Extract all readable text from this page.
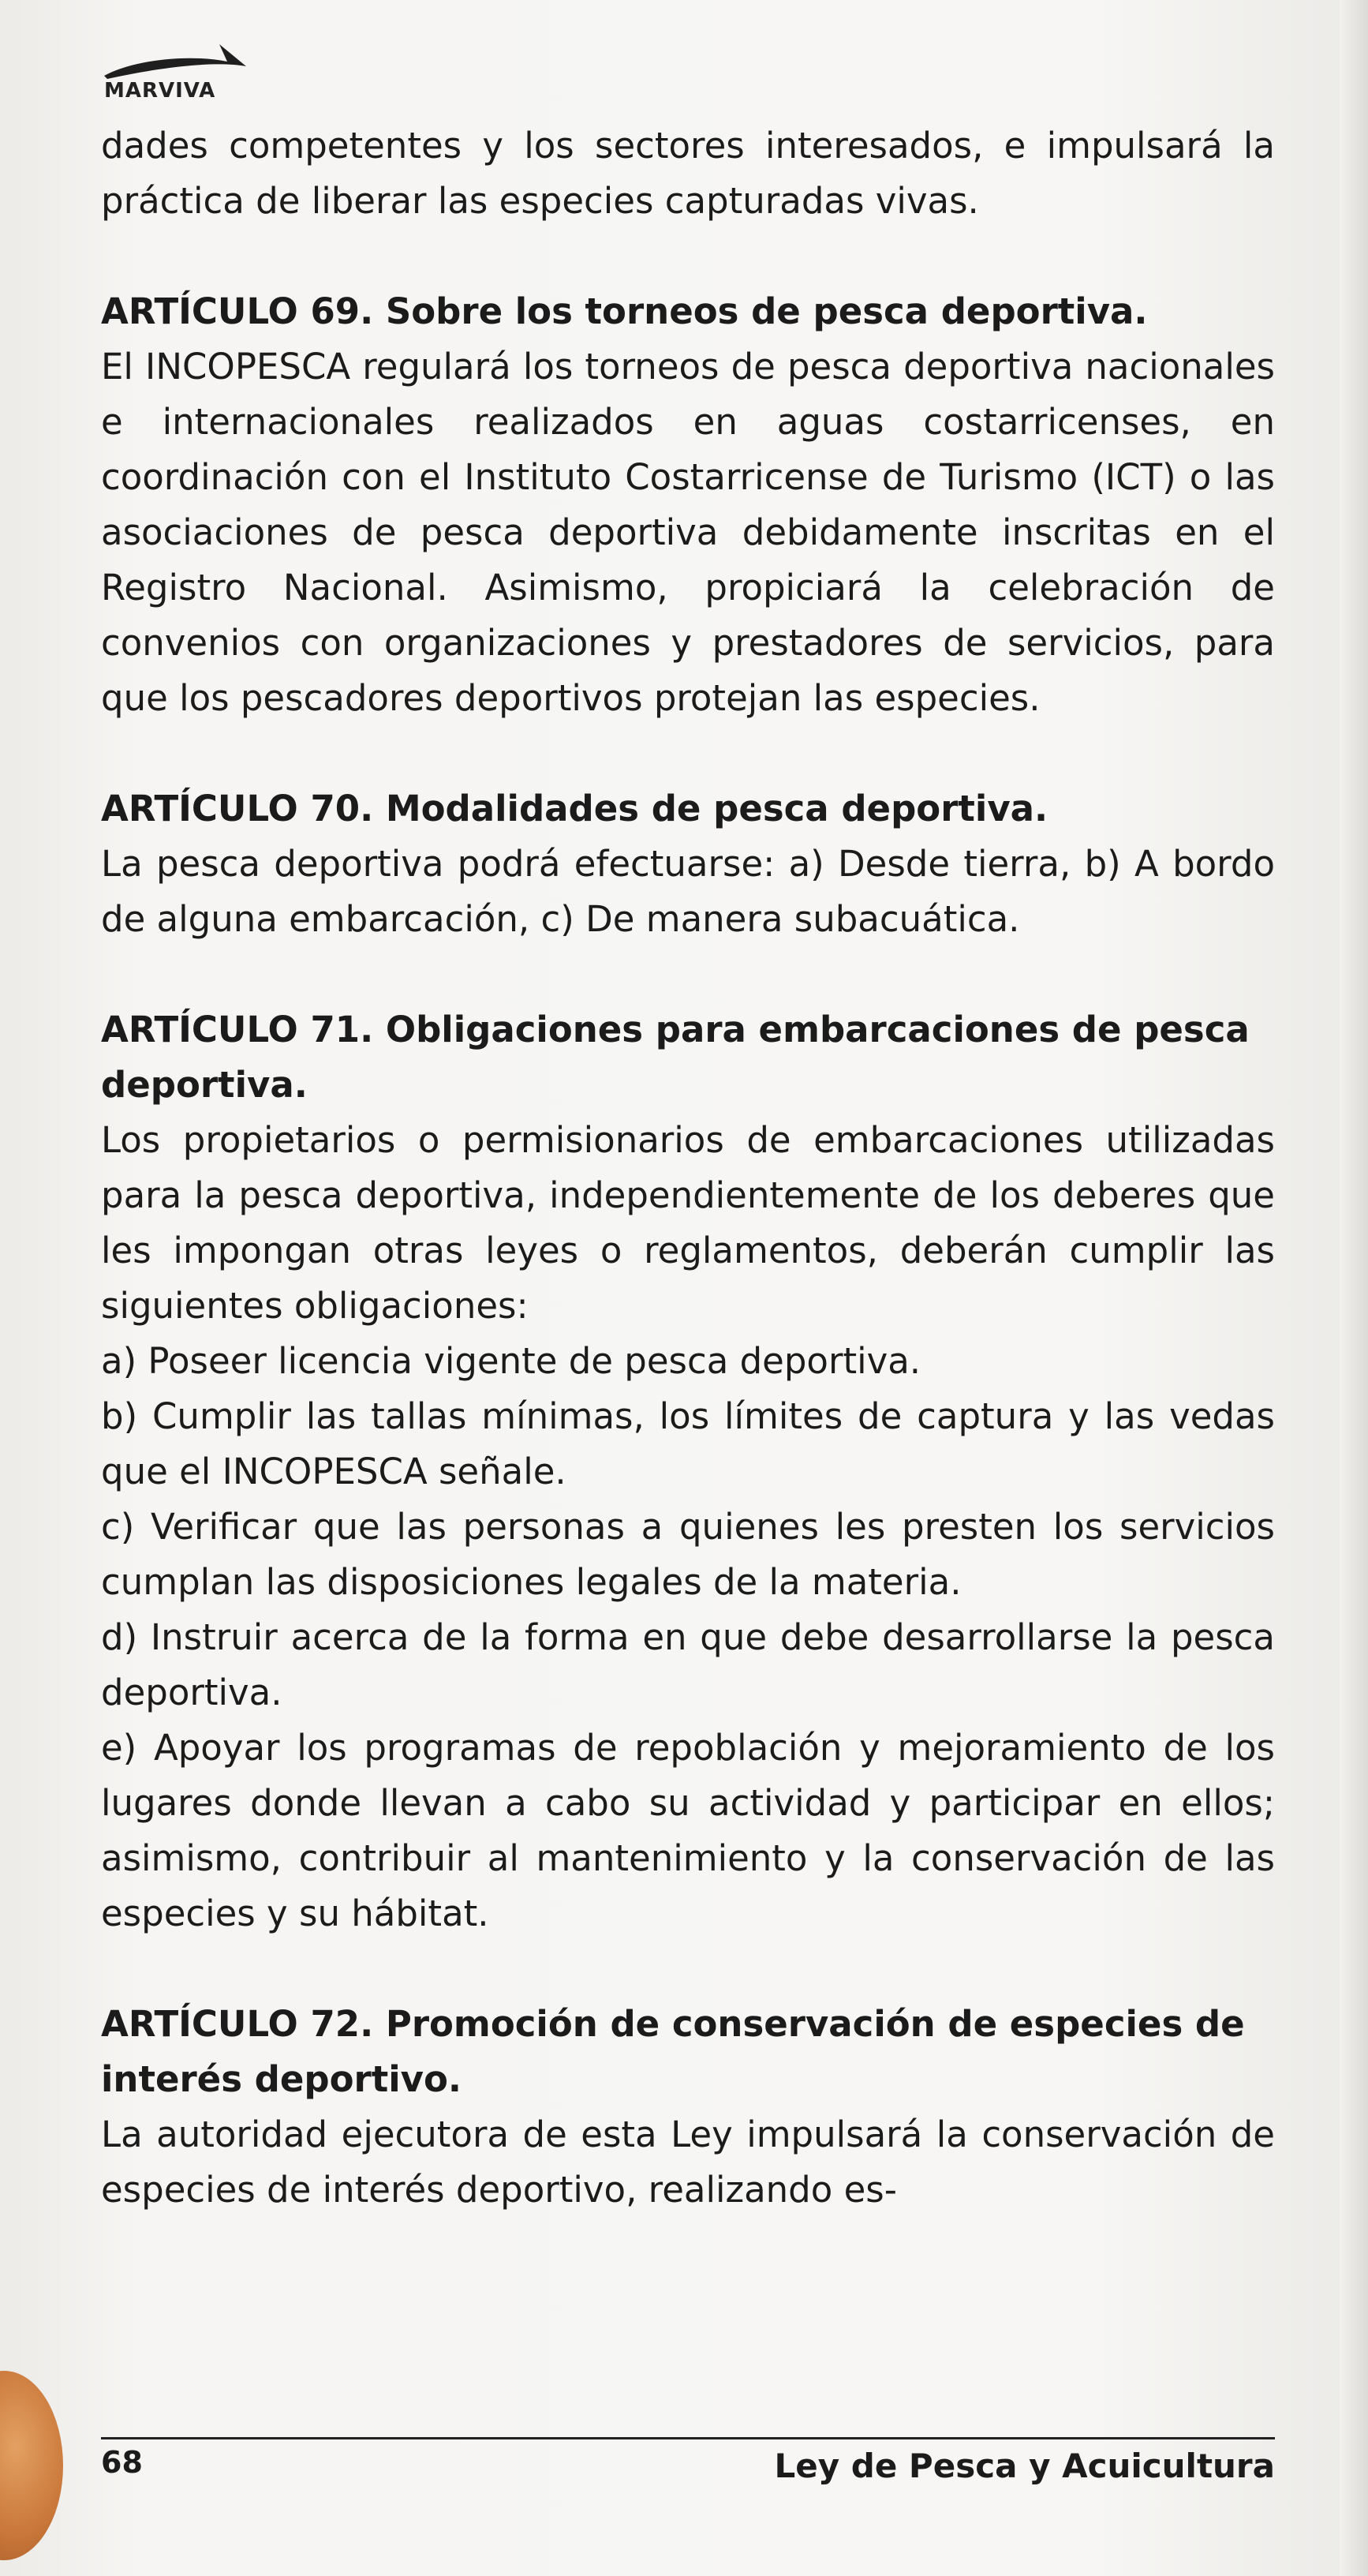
MARVIVA

dades competentes y los sectores interesados, e impulsará la práctica de liberar las especies capturadas vivas.

ARTÍCULO 69. Sobre los torneos de pesca deportiva.

El INCOPESCA regulará los torneos de pesca deportiva nacionales e internacionales realizados en aguas costarricenses, en coordinación con el Instituto Costarricense de Turismo (ICT) o las asociaciones de pesca deportiva debidamente inscritas en el Registro Nacional. Asimismo, propiciará la celebración de convenios con organizaciones y prestadores de servicios, para que los pescadores deportivos protejan las especies.

ARTÍCULO 70. Modalidades de pesca deportiva.

La pesca deportiva podrá efectuarse: a) Desde tierra, b) A bordo de alguna embarcación, c) De manera subacuática.

ARTÍCULO 71. Obligaciones para embarcaciones de pesca deportiva.

Los propietarios o permisionarios de embarcaciones utilizadas para la pesca deportiva, independientemente de los deberes que les impongan otras leyes o reglamentos, deberán cumplir las siguientes obligaciones:

a) Poseer licencia vigente de pesca deportiva.

b) Cumplir las tallas mínimas, los límites de captura y las vedas que el INCOPESCA señale.

c) Verificar que las personas a quienes les presten los servicios cumplan las disposiciones legales de la materia.

d) Instruir acerca de la forma en que debe desarrollarse la pesca deportiva.

e) Apoyar los programas de repoblación y mejoramiento de los lugares donde llevan a cabo su actividad y participar en ellos; asimismo, contribuir al mantenimiento y la conservación de las especies y su hábitat.

ARTÍCULO 72. Promoción de conservación de especies de interés deportivo.

La autoridad ejecutora de esta Ley impulsará la conservación de especies de interés deportivo, realizando es-

68	Ley de Pesca y Acuicultura
